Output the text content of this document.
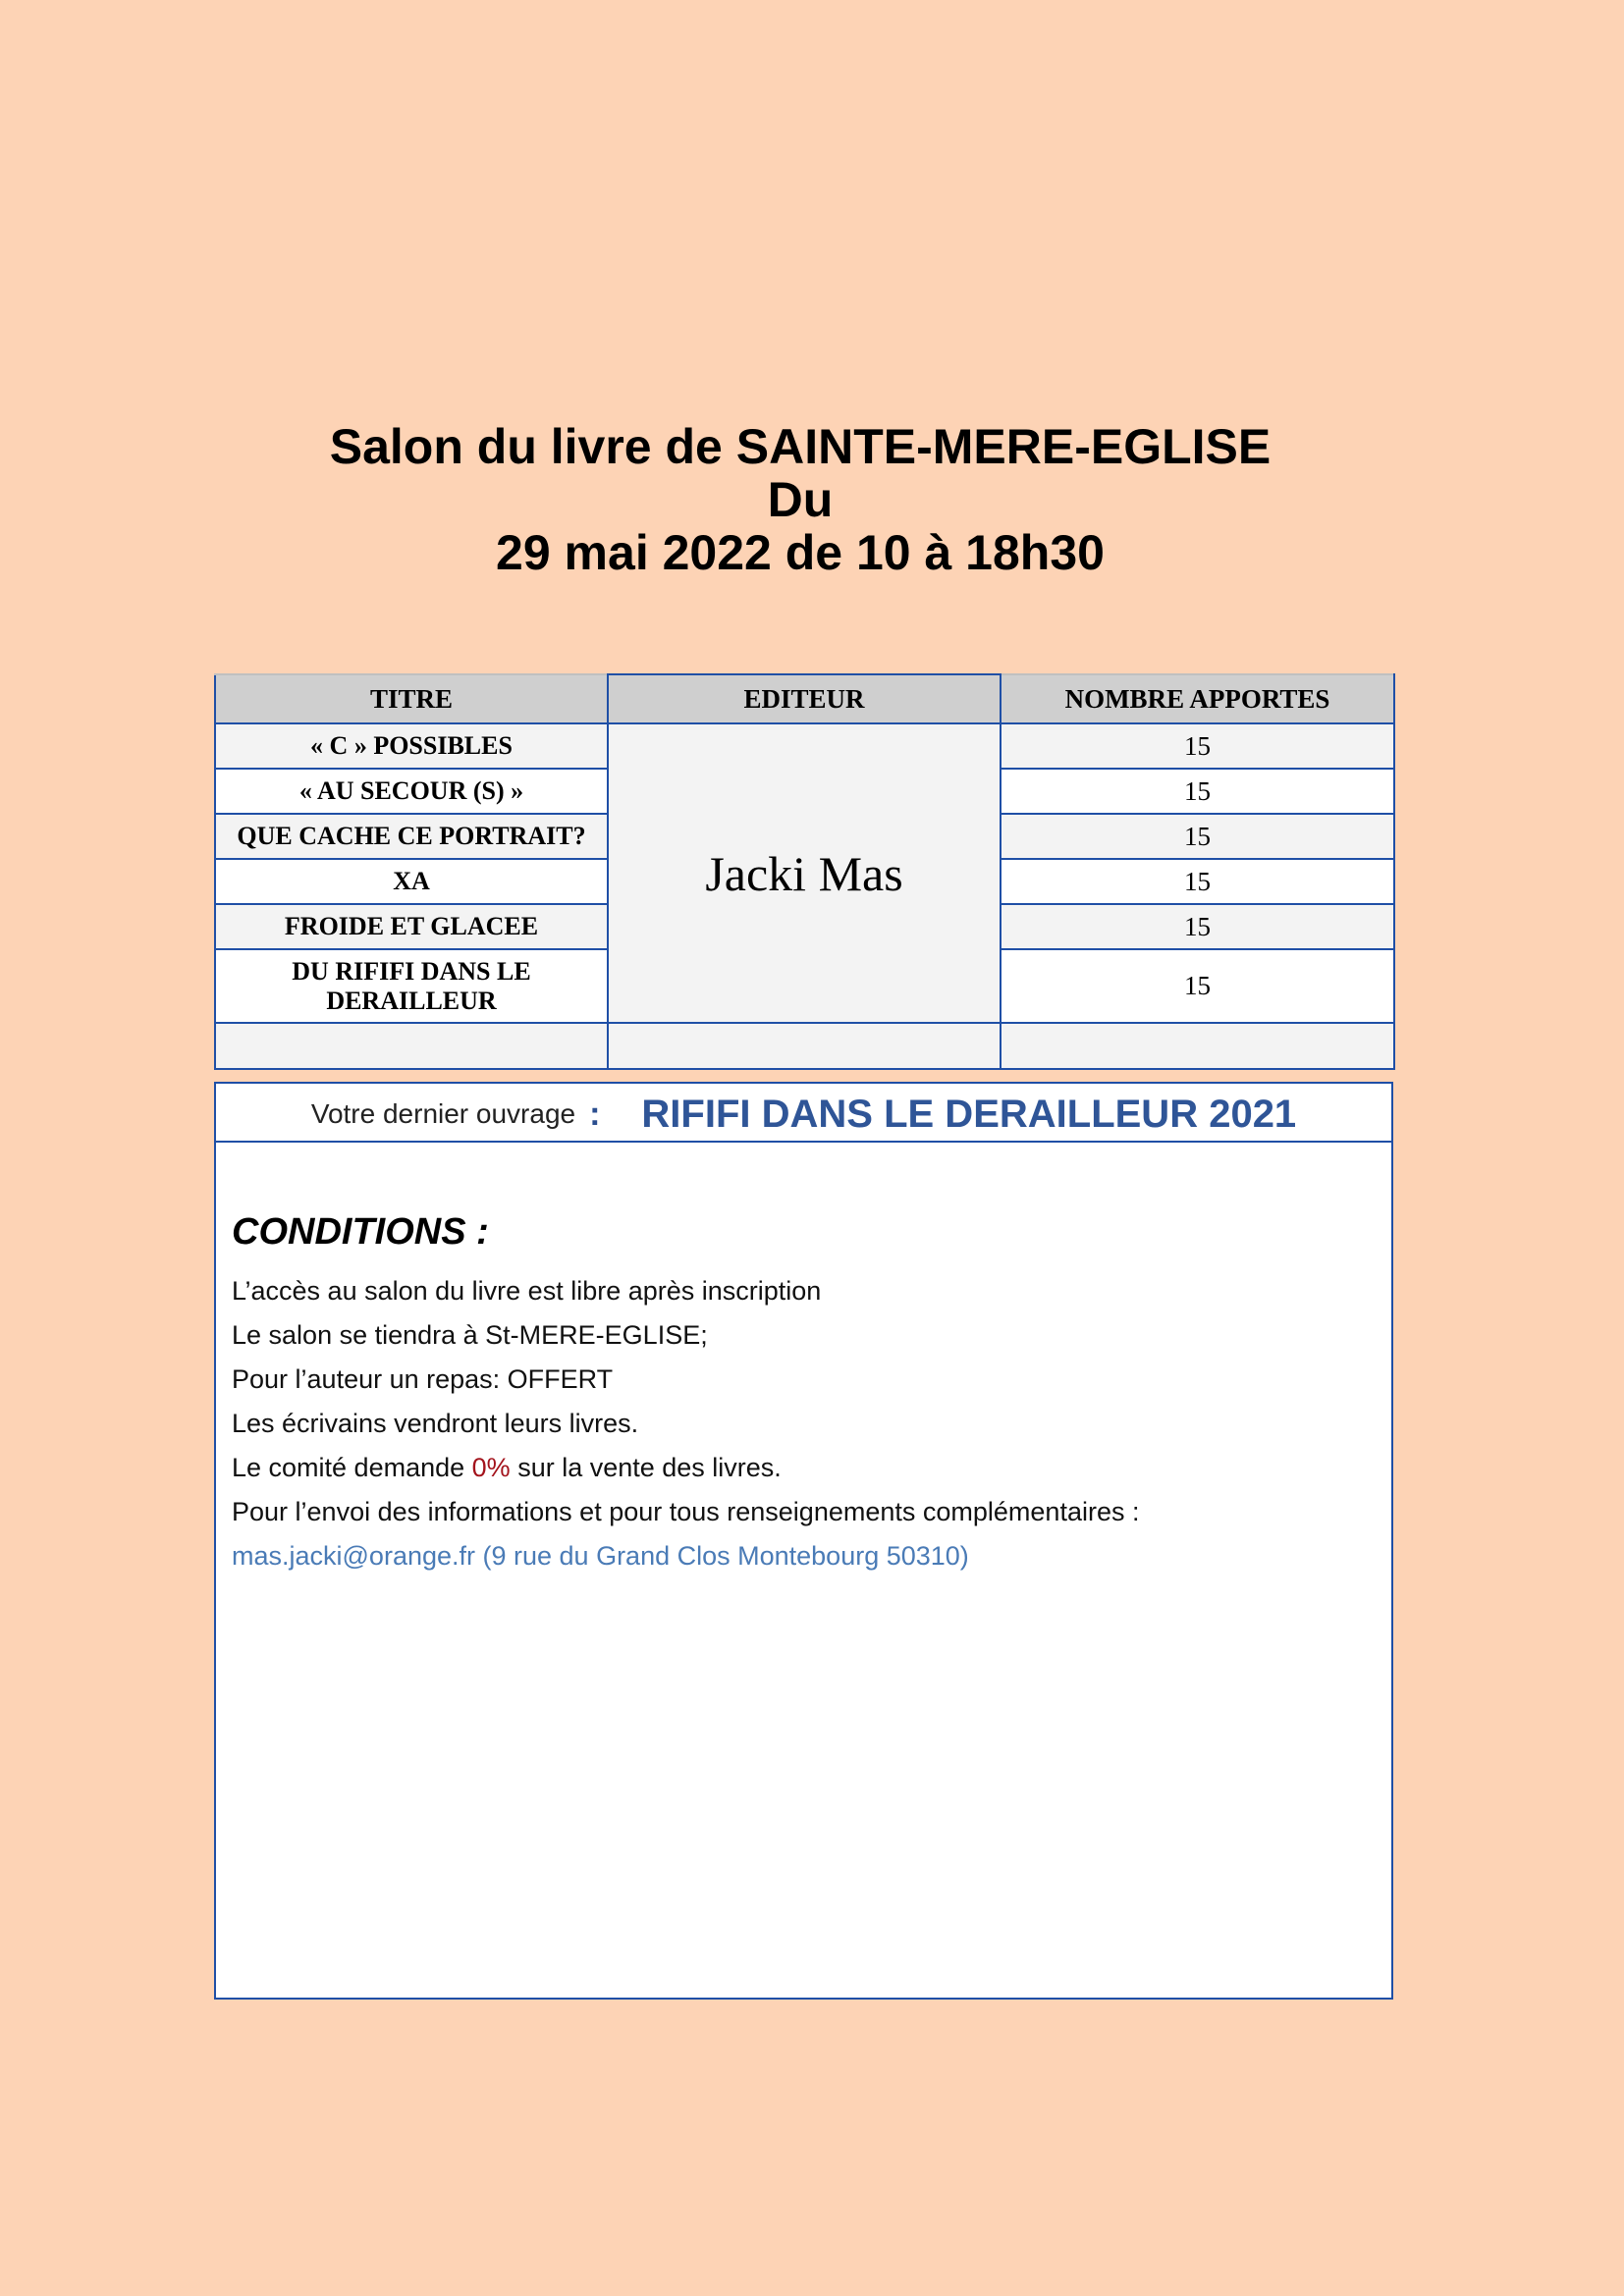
Salon du livre de SAINTE-MERE-EGLISE
Du
29 mai 2022 de 10 à 18h30
TITRE	EDITEUR	NOMBRE APPORTES
« C » POSSIBLES	Jacki Mas	15
« AU SECOUR (S) »		15
QUE CACHE CE PORTRAIT?		15
XA		15
FROIDE ET GLACEE		15

DU RIFIFI DANS LE DERAILLEUR		15

Votre dernier ouvrage : RIFIFI DANS LE DERAILLEUR 2021
CONDITIONS :
L’accès au salon du livre est libre après inscription
Le salon se tiendra à St-MERE-EGLISE;
Pour l’auteur un repas: OFFERT
Les écrivains vendront leurs livres.
Le comité demande 0% sur la vente des livres.
Pour l’envoi des informations et pour tous renseignements complémentaires :
mas.jacki@orange.fr (9 rue du Grand Clos Montebourg 50310)
